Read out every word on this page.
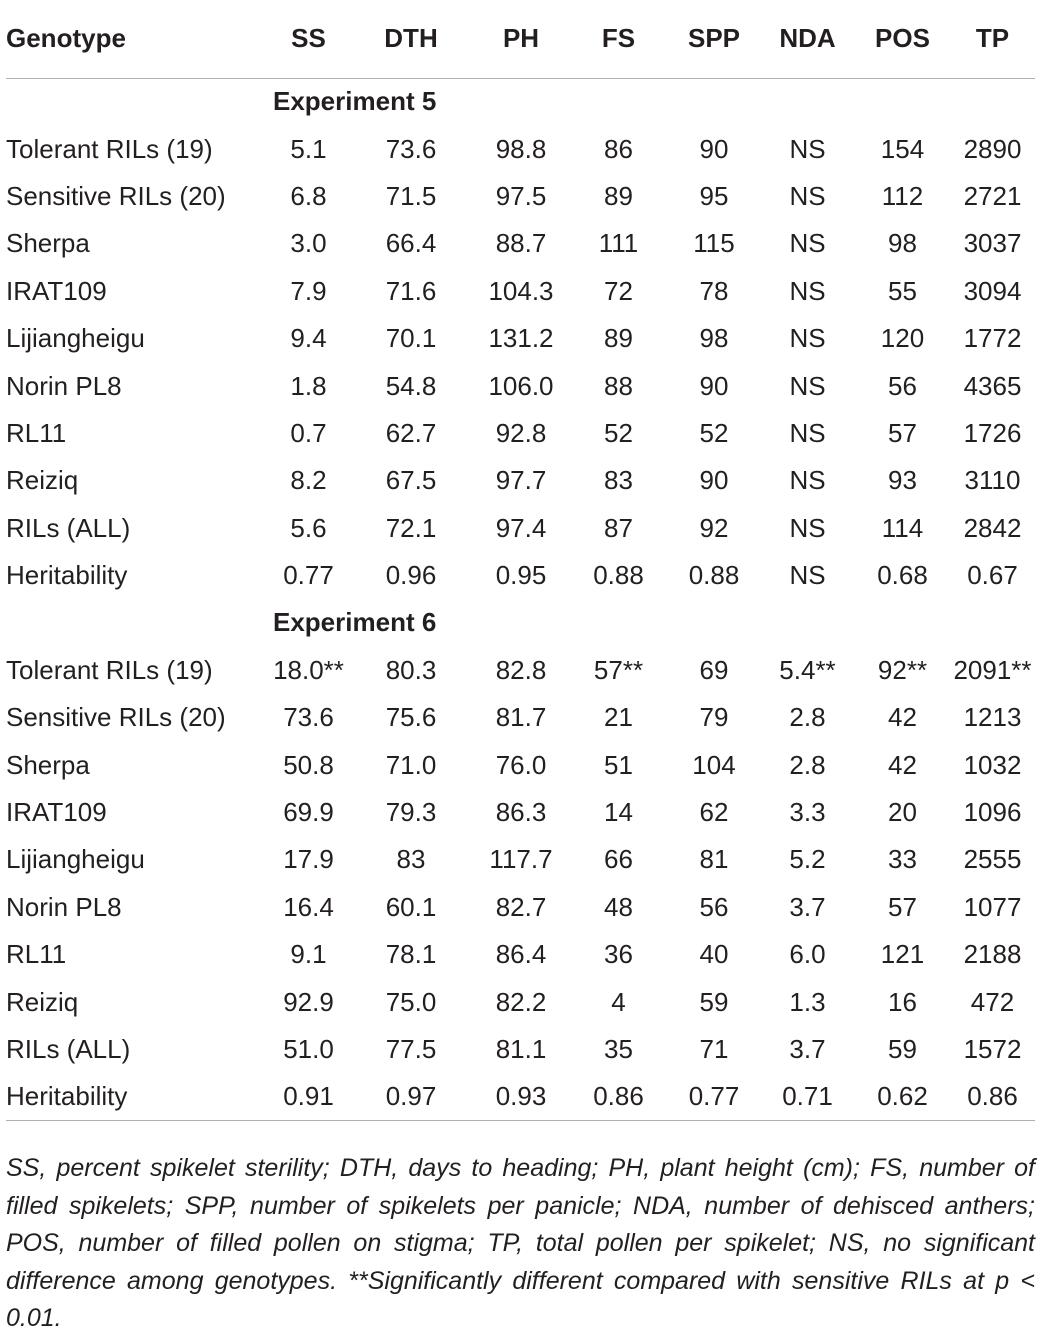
Genotype	SS	DTH	PH	FS	SPP	NDA	POS	TP
Experiment 5								
Tolerant RILs (19)	5.1	73.6	98.8	86	90	NS	154	2890
Sensitive RILs (20)	6.8	71.5	97.5	89	95	NS	112	2721
Sherpa	3.0	66.4	88.7	111	115	NS	98	3037
IRAT109	7.9	71.6	104.3	72	78	NS	55	3094
Lijiangheigu	9.4	70.1	131.2	89	98	NS	120	1772
Norin PL8	1.8	54.8	106.0	88	90	NS	56	4365
RL11	0.7	62.7	92.8	52	52	NS	57	1726
Reiziq	8.2	67.5	97.7	83	90	NS	93	3110
RILs (ALL)	5.6	72.1	97.4	87	92	NS	114	2842
Heritability	0.77	0.96	0.95	0.88	0.88	NS	0.68	0.67
Experiment 6								
Tolerant RILs (19)	18.0**	80.3	82.8	57**	69	5.4**	92**	2091**
Sensitive RILs (20)	73.6	75.6	81.7	21	79	2.8	42	1213
Sherpa	50.8	71.0	76.0	51	104	2.8	42	1032
IRAT109	69.9	79.3	86.3	14	62	3.3	20	1096
Lijiangheigu	17.9	83	117.7	66	81	5.2	33	2555
Norin PL8	16.4	60.1	82.7	48	56	3.7	57	1077
RL11	9.1	78.1	86.4	36	40	6.0	121	2188
Reiziq	92.9	75.0	82.2	4	59	1.3	16	472
RILs (ALL)	51.0	77.5	81.1	35	71	3.7	59	1572
Heritability	0.91	0.97	0.93	0.86	0.77	0.71	0.62	0.86
SS, percent spikelet sterility; DTH, days to heading; PH, plant height (cm); FS, number of filled spikelets; SPP, number of spikelets per panicle; NDA, number of dehisced anthers; POS, number of filled pollen on stigma; TP, total pollen per spikelet; NS, no significant difference among genotypes. **Significantly different compared with sensitive RILs at p < 0.01.
